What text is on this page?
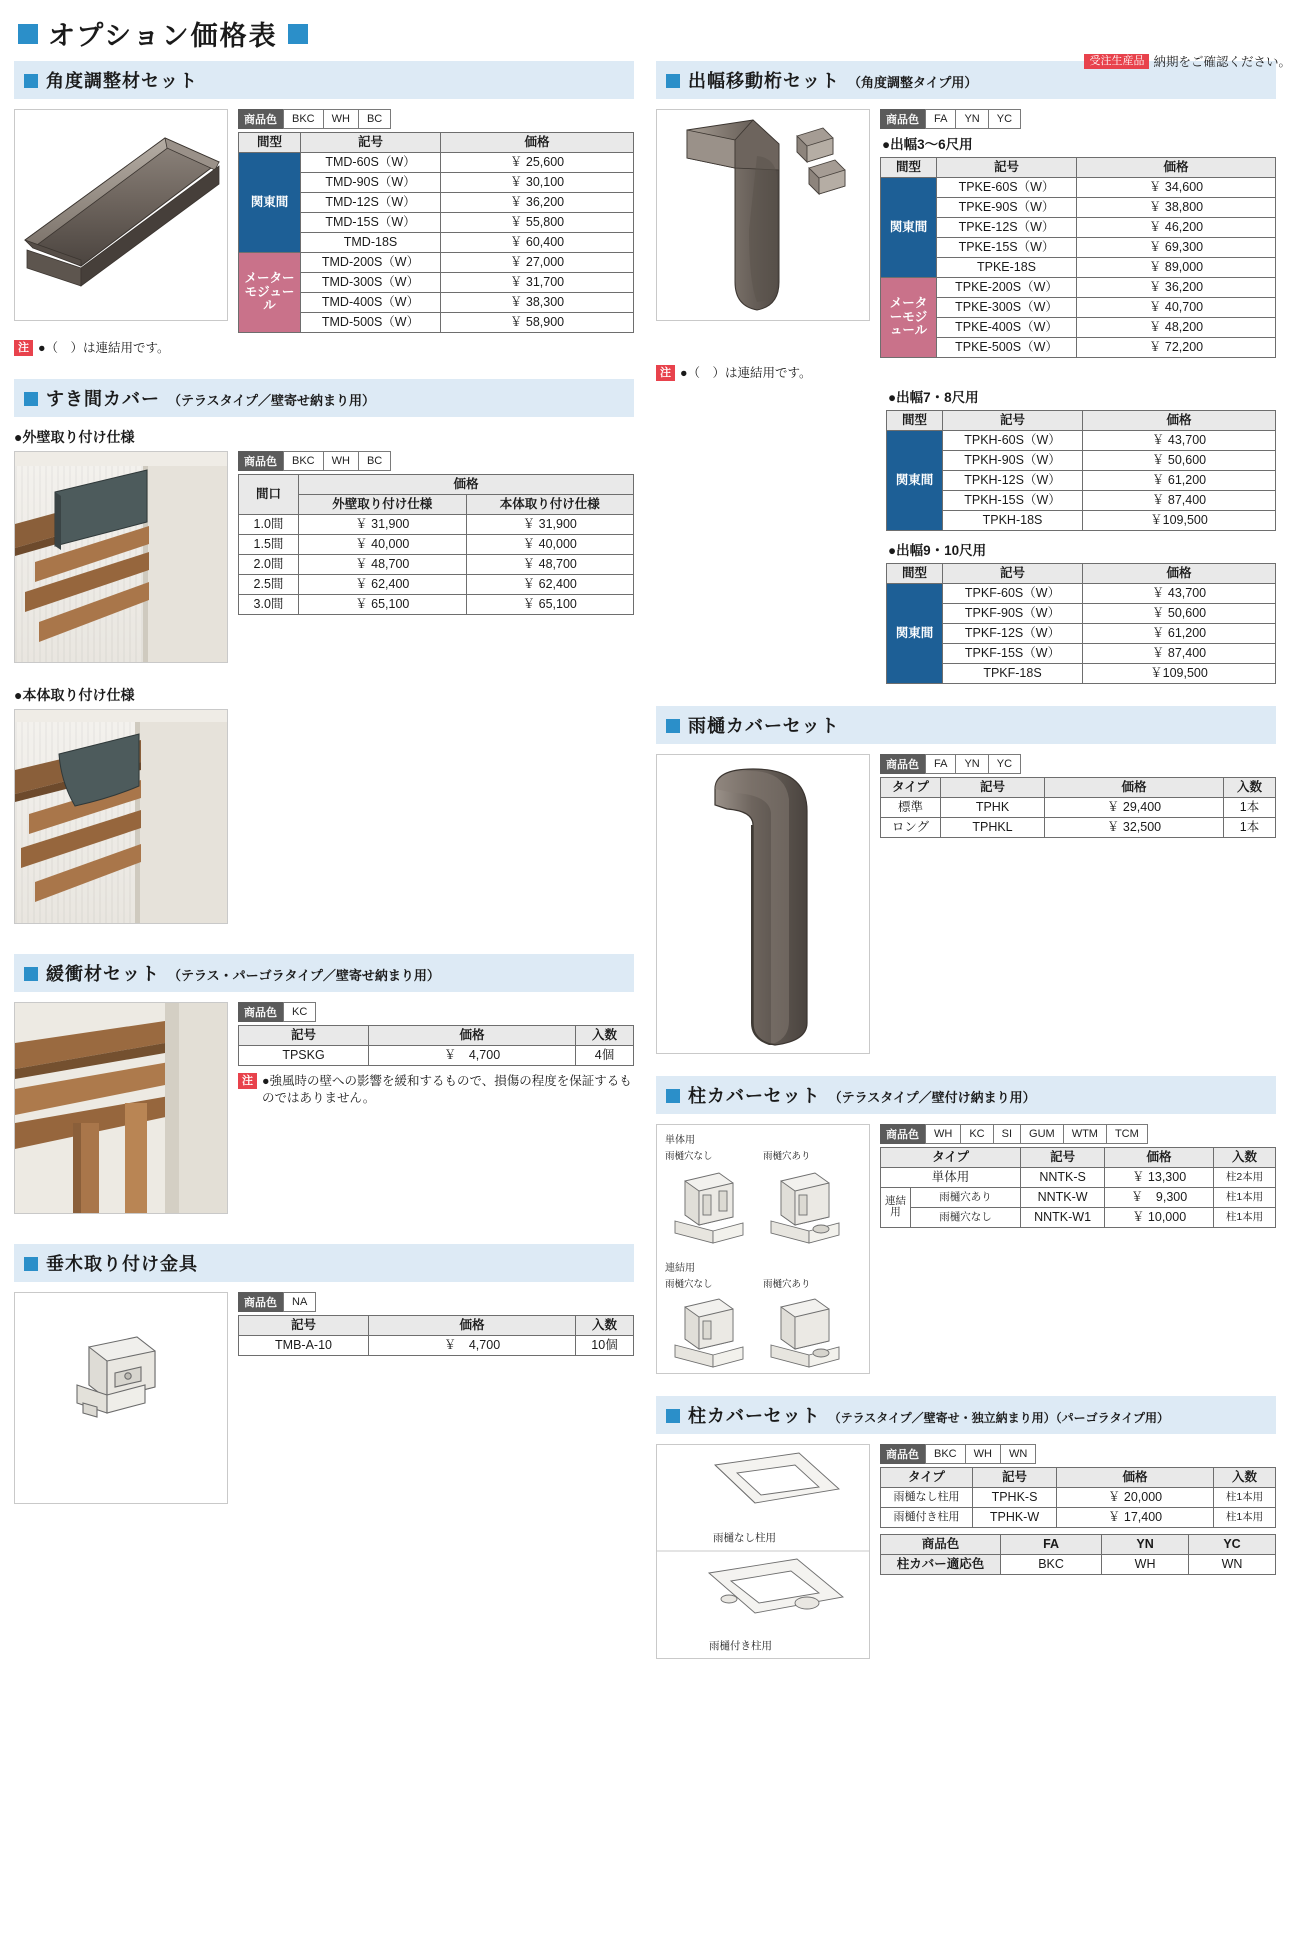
オプション価格表
受注生産品 納期をご確認ください。
角度調整材セット
商品色	BKC	WH	BC
間型	記号	価格
関東間	TMD-60S（W）	￥ 25,600
	TMD-90S（W）	￥ 30,100
	TMD-12S（W）	￥ 36,200
	TMD-15S（W）	￥ 55,800
	TMD-18S	￥ 60,400
メーターモジュール	TMD-200S（W）	￥ 27,000
	TMD-300S（W）	￥ 31,700
	TMD-400S（W）	￥ 38,300
	TMD-500S（W）	￥ 58,900
注 ●（　）は連結用です。
すき間カバー （テラスタイプ／壁寄せ納まり用）
●外壁取り付け仕様
商品色	BKC	WH	BC
間口	価格	
	外壁取り付け仕様	本体取り付け仕様
1.0間	￥ 31,900	￥ 31,900
1.5間	￥ 40,000	￥ 40,000
2.0間	￥ 48,700	￥ 48,700
2.5間	￥ 62,400	￥ 62,400
3.0間	￥ 65,100	￥ 65,100
●本体取り付け仕様
緩衝材セット （テラス・パーゴラタイプ／壁寄せ納まり用）
商品色	KC
記号	価格	入数
TPSKG	￥　4,700	4個
注 ●強風時の壁への影響を緩和するもので、損傷の程度を保証するものではありません。
垂木取り付け金具
商品色	NA
記号	価格	入数
TMB-A-10	￥　4,700	10個
出幅移動桁セット （角度調整タイプ用）
商品色	FA	YN	YC
●出幅3～6尺用
間型	記号	価格
関東間	TPKE-60S（W）	￥ 34,600
	TPKE-90S（W）	￥ 38,800
	TPKE-12S（W）	￥ 46,200
	TPKE-15S（W）	￥ 69,300
	TPKE-18S	￥ 89,000
メーターモジュール	TPKE-200S（W）	￥ 36,200
	TPKE-300S（W）	￥ 40,700
	TPKE-400S（W）	￥ 48,200
	TPKE-500S（W）	￥ 72,200
注 ●（　）は連結用です。
●出幅7・8尺用
間型	記号	価格
関東間	TPKH-60S（W）	￥ 43,700
	TPKH-90S（W）	￥ 50,600
	TPKH-12S（W）	￥ 61,200
	TPKH-15S（W）	￥ 87,400
	TPKH-18S	￥109,500
●出幅9・10尺用
間型	記号	価格
関東間	TPKF-60S（W）	￥ 43,700
	TPKF-90S（W）	￥ 50,600
	TPKF-12S（W）	￥ 61,200
	TPKF-15S（W）	￥ 87,400
	TPKF-18S	￥109,500
雨樋カバーセット
商品色	FA	YN	YC
タイプ	記号	価格	入数
標準	TPHK	￥ 29,400	1本
ロング	TPHKL	￥ 32,500	1本
柱カバーセット （テラスタイプ／壁付け納まり用）
単体用
雨樋穴なし	雨樋穴あり
連結用
雨樋穴なし	雨樋穴あり
商品色	WH	KC	SI	GUM	WTM	TCM
タイプ		記号	価格	入数
単体用		NNTK-S	￥ 13,300	柱2本用
連結用	雨樋穴あり	NNTK-W	￥　9,300	柱1本用
	雨樋穴なし	NNTK-W1	￥ 10,000	柱1本用
柱カバーセット （テラスタイプ／壁寄せ・独立納まり用）（パーゴラタイプ用）
雨樋なし柱用
雨樋付き柱用
商品色	BKC	WH	WN
タイプ	記号	価格	入数
雨樋なし柱用	TPHK-S	￥ 20,000	柱1本用
雨樋付き柱用	TPHK-W	￥ 17,400	柱1本用
商品色	FA	YN	YC
柱カバー適応色	BKC	WH	WN
